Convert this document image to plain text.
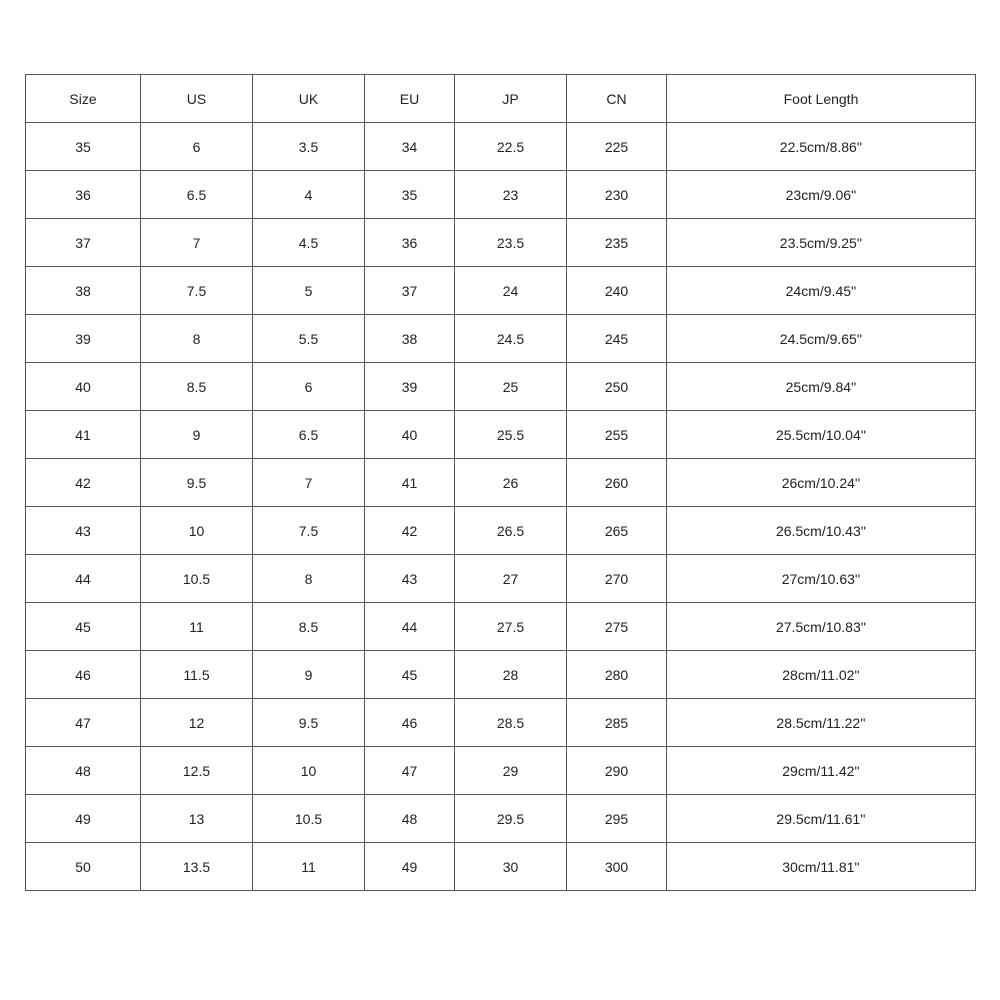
Size	US	UK	EU	JP	CN	Foot Length
35	6	3.5	34	22.5	225	22.5cm/8.86''
36	6.5	4	35	23	230	23cm/9.06''
37	7	4.5	36	23.5	235	23.5cm/9.25''
38	7.5	5	37	24	240	24cm/9.45''
39	8	5.5	38	24.5	245	24.5cm/9.65''
40	8.5	6	39	25	250	25cm/9.84''
41	9	6.5	40	25.5	255	25.5cm/10.04''
42	9.5	7	41	26	260	26cm/10.24''
43	10	7.5	42	26.5	265	26.5cm/10.43''
44	10.5	8	43	27	270	27cm/10.63''
45	11	8.5	44	27.5	275	27.5cm/10.83''
46	11.5	9	45	28	280	28cm/11.02''
47	12	9.5	46	28.5	285	28.5cm/11.22''
48	12.5	10	47	29	290	29cm/11.42''
49	13	10.5	48	29.5	295	29.5cm/11.61''
50	13.5	11	49	30	300	30cm/11.81''
